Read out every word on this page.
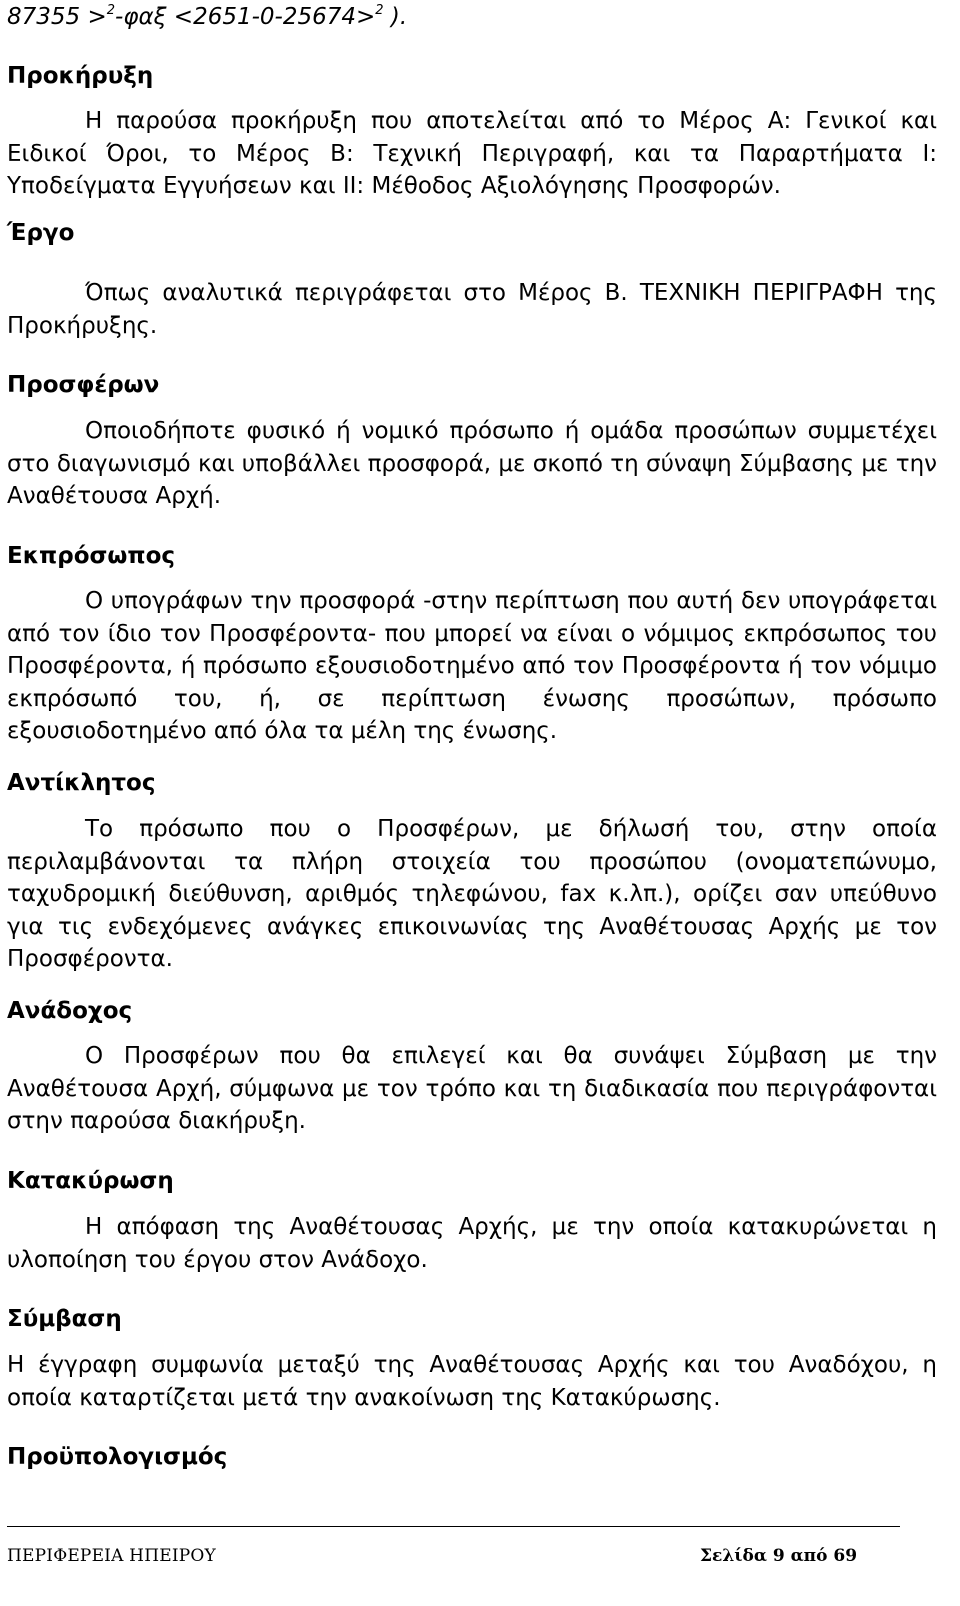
87355 >$^2$-φαξ <2651-0-25674>$^2$ ).
Προκήρυξη
Η παρούσα προκήρυξη που αποτελείται από το Μέρος Α: Γενικοί και Ειδικοί Όροι, το Μέρος Β: Τεχνική Περιγραφή, και τα Παραρτήματα Ι: Υποδείγματα Εγγυήσεων και ΙΙ: Μέθοδος Αξιολόγησης Προσφορών.
Έργο
Όπως αναλυτικά περιγράφεται στο Μέρος Β. ΤΕΧΝΙΚΗ ΠΕΡΙΓΡΑΦΗ της Προκήρυξης.
Προσφέρων
Οποιοδήποτε φυσικό ή νομικό πρόσωπο ή ομάδα προσώπων συμμετέχει στο διαγωνισμό και υποβάλλει προσφορά, με σκοπό τη σύναψη Σύμβασης με την Αναθέτουσα Αρχή.
Εκπρόσωπος
Ο υπογράφων την προσφορά -στην περίπτωση που αυτή δεν υπογράφεται από τον ίδιο τον Προσφέροντα- που μπορεί να είναι ο νόμιμος εκπρόσωπος του Προσφέροντα, ή πρόσωπο εξουσιοδοτημένο από τον Προσφέροντα ή τον νόμιμο εκπρόσωπό του, ή, σε περίπτωση ένωσης προσώπων, πρόσωπο εξουσιοδοτημένο από όλα τα μέλη της ένωσης.
Αντίκλητος
Το πρόσωπο που ο Προσφέρων, με δήλωσή του, στην οποία περιλαμβάνονται τα πλήρη στοιχεία του προσώπου (ονοματεπώνυμο, ταχυδρομική διεύθυνση, αριθμός τηλεφώνου, fax κ.λπ.), ορίζει σαν υπεύθυνο για τις ενδεχόμενες ανάγκες επικοινωνίας της Αναθέτουσας Αρχής με τον Προσφέροντα.
Ανάδοχος
Ο Προσφέρων που θα επιλεγεί και θα συνάψει Σύμβαση με την Αναθέτουσα Αρχή, σύμφωνα με τον τρόπο και τη διαδικασία που περιγράφονται στην παρούσα διακήρυξη.
Κατακύρωση
Η απόφαση της Αναθέτουσας Αρχής, με την οποία κατακυρώνεται η υλοποίηση του έργου στον Ανάδοχο.
Σύμβαση
Η έγγραφη συμφωνία μεταξύ της Αναθέτουσας Αρχής και του Αναδόχου, η οποία καταρτίζεται μετά την ανακοίνωση της Κατακύρωσης.
Προϋπολογισμός
ΠΕΡΙΦΕΡΕΙΑ ΗΠΕΙΡΟΥ	Σελίδα 9 από 69
